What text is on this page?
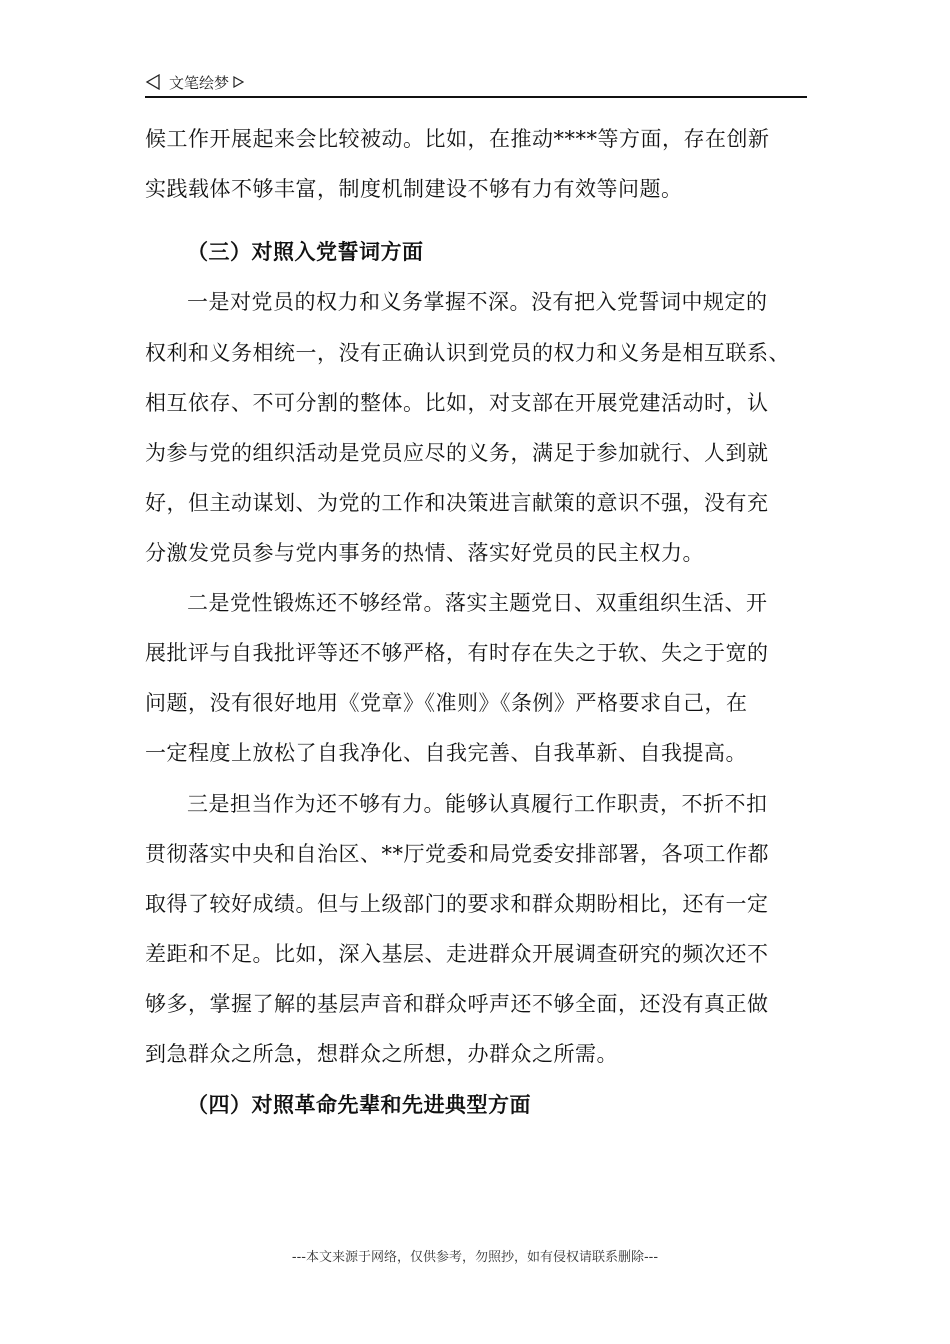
文笔绘梦
候工作开展起来会比较被动。比如，在推动****等方面，存在创新
实践载体不够丰富，制度机制建设不够有力有效等问题。
（三）对照入党誓词方面
一是对党员的权力和义务掌握不深。没有把入党誓词中规定的
权利和义务相统一，没有正确认识到党员的权力和义务是相互联系、
相互依存、不可分割的整体。比如，对支部在开展党建活动时，认
为参与党的组织活动是党员应尽的义务，满足于参加就行、人到就
好，但主动谋划、为党的工作和决策进言献策的意识不强，没有充
分激发党员参与党内事务的热情、落实好党员的民主权力。
二是党性锻炼还不够经常。落实主题党日、双重组织生活、开
展批评与自我批评等还不够严格，有时存在失之于软、失之于宽的
问题，没有很好地用《党章》《准则》《条例》严格要求自己，在
一定程度上放松了自我净化、自我完善、自我革新、自我提高。
三是担当作为还不够有力。能够认真履行工作职责，不折不扣
贯彻落实中央和自治区、**厅党委和局党委安排部署，各项工作都
取得了较好成绩。但与上级部门的要求和群众期盼相比，还有一定
差距和不足。比如，深入基层、走进群众开展调查研究的频次还不
够多，掌握了解的基层声音和群众呼声还不够全面，还没有真正做
到急群众之所急，想群众之所想，办群众之所需。
（四）对照革命先辈和先进典型方面
---本文来源于网络，仅供参考，勿照抄，如有侵权请联系删除---
